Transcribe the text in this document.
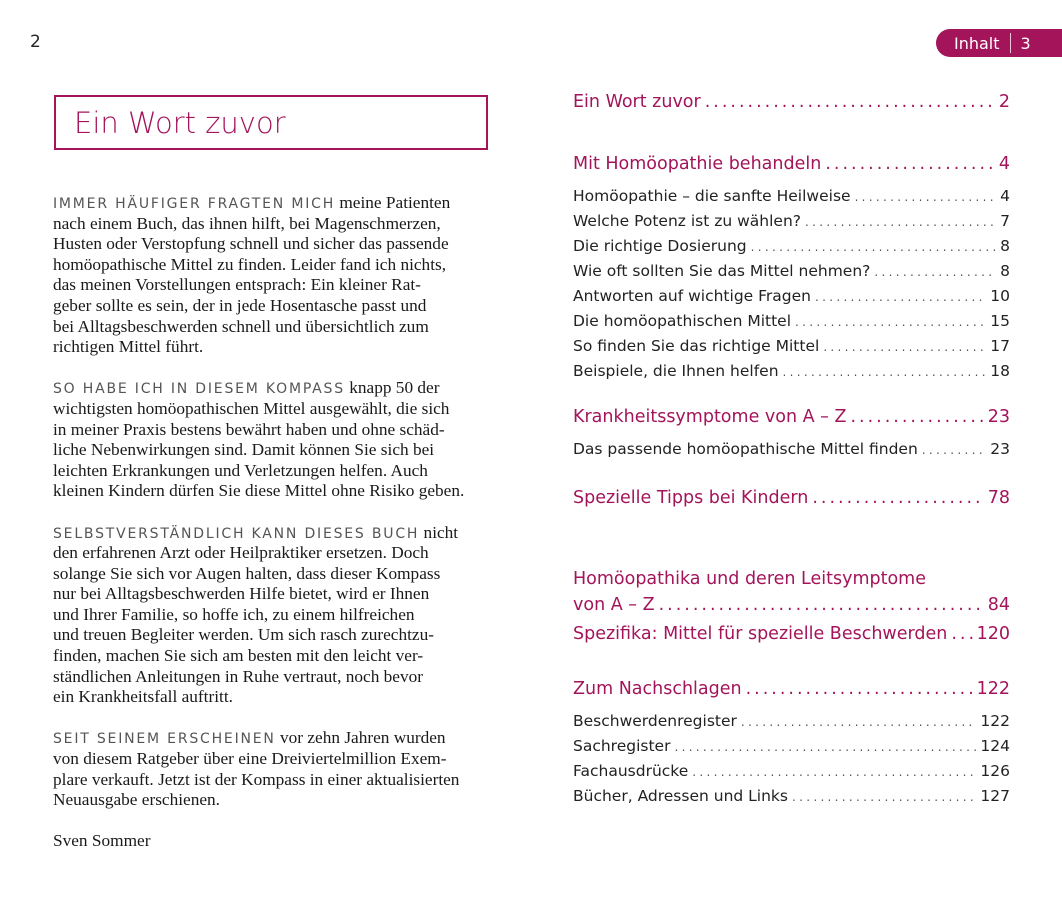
2	Inhalt 3
Ein Wort zuvor
IMMER HÄUFIGER FRAGTEN MICH meine Patienten
nach einem Buch, das ihnen hilft, bei Magenschmerzen,
Husten oder Verstopfung schnell und sicher das passende
homöopathische Mittel zu finden. Leider fand ich nichts,
das meinen Vorstellungen entsprach: Ein kleiner Rat-
geber sollte es sein, der in jede Hosentasche passt und
bei Alltagsbeschwerden schnell und übersichtlich zum
richtigen Mittel führt.
SO HABE ICH IN DIESEM KOMPASS knapp 50 der
wichtigsten homöopathischen Mittel ausgewählt, die sich
in meiner Praxis bestens bewährt haben und ohne schäd-
liche Nebenwirkungen sind. Damit können Sie sich bei
leichten Erkrankungen und Verletzungen helfen. Auch
kleinen Kindern dürfen Sie diese Mittel ohne Risiko geben.
SELBSTVERSTÄNDLICH KANN DIESES BUCH nicht
den erfahrenen Arzt oder Heilpraktiker ersetzen. Doch
solange Sie sich vor Augen halten, dass dieser Kompass
nur bei Alltagsbeschwerden Hilfe bietet, wird er Ihnen
und Ihrer Familie, so hoffe ich, zu einem hilfreichen
und treuen Begleiter werden. Um sich rasch zurechtzu-
finden, machen Sie sich am besten mit den leicht ver-
ständlichen Anleitungen in Ruhe vertraut, noch bevor
ein Krankheitsfall auftritt.
SEIT SEINEM ERSCHEINEN vor zehn Jahren wurden
von diesem Ratgeber über eine Dreiviertelmillion Exem-
plare verkauft. Jetzt ist der Kompass in einer aktualisierten
Neuausgabe erschienen.
Sven Sommer
Ein Wort zuvor .....	2
Mit Homöopathie behandeln .....	4
Homöopathie – die sanfte Heilweise .....	4
Welche Potenz ist zu wählen? .....	7
Die richtige Dosierung .....	8
Wie oft sollten Sie das Mittel nehmen? .....	8
Antworten auf wichtige Fragen .....	10
Die homöopathischen Mittel .....	15
So finden Sie das richtige Mittel .....	17
Beispiele, die Ihnen helfen .....	18
Krankheitssymptome von A – Z .....	23
Das passende homöopathische Mittel finden .....	23
Spezielle Tipps bei Kindern .....	78
Homöopathika und deren Leitsymptome
von A – Z .....	84
Spezifika: Mittel für spezielle Beschwerden ..... 120
Zum Nachschlagen .....	122
Beschwerdenregister .....	122
Sachregister .....	124
Fachausdrücke .....	126
Bücher, Adressen und Links .....	127
